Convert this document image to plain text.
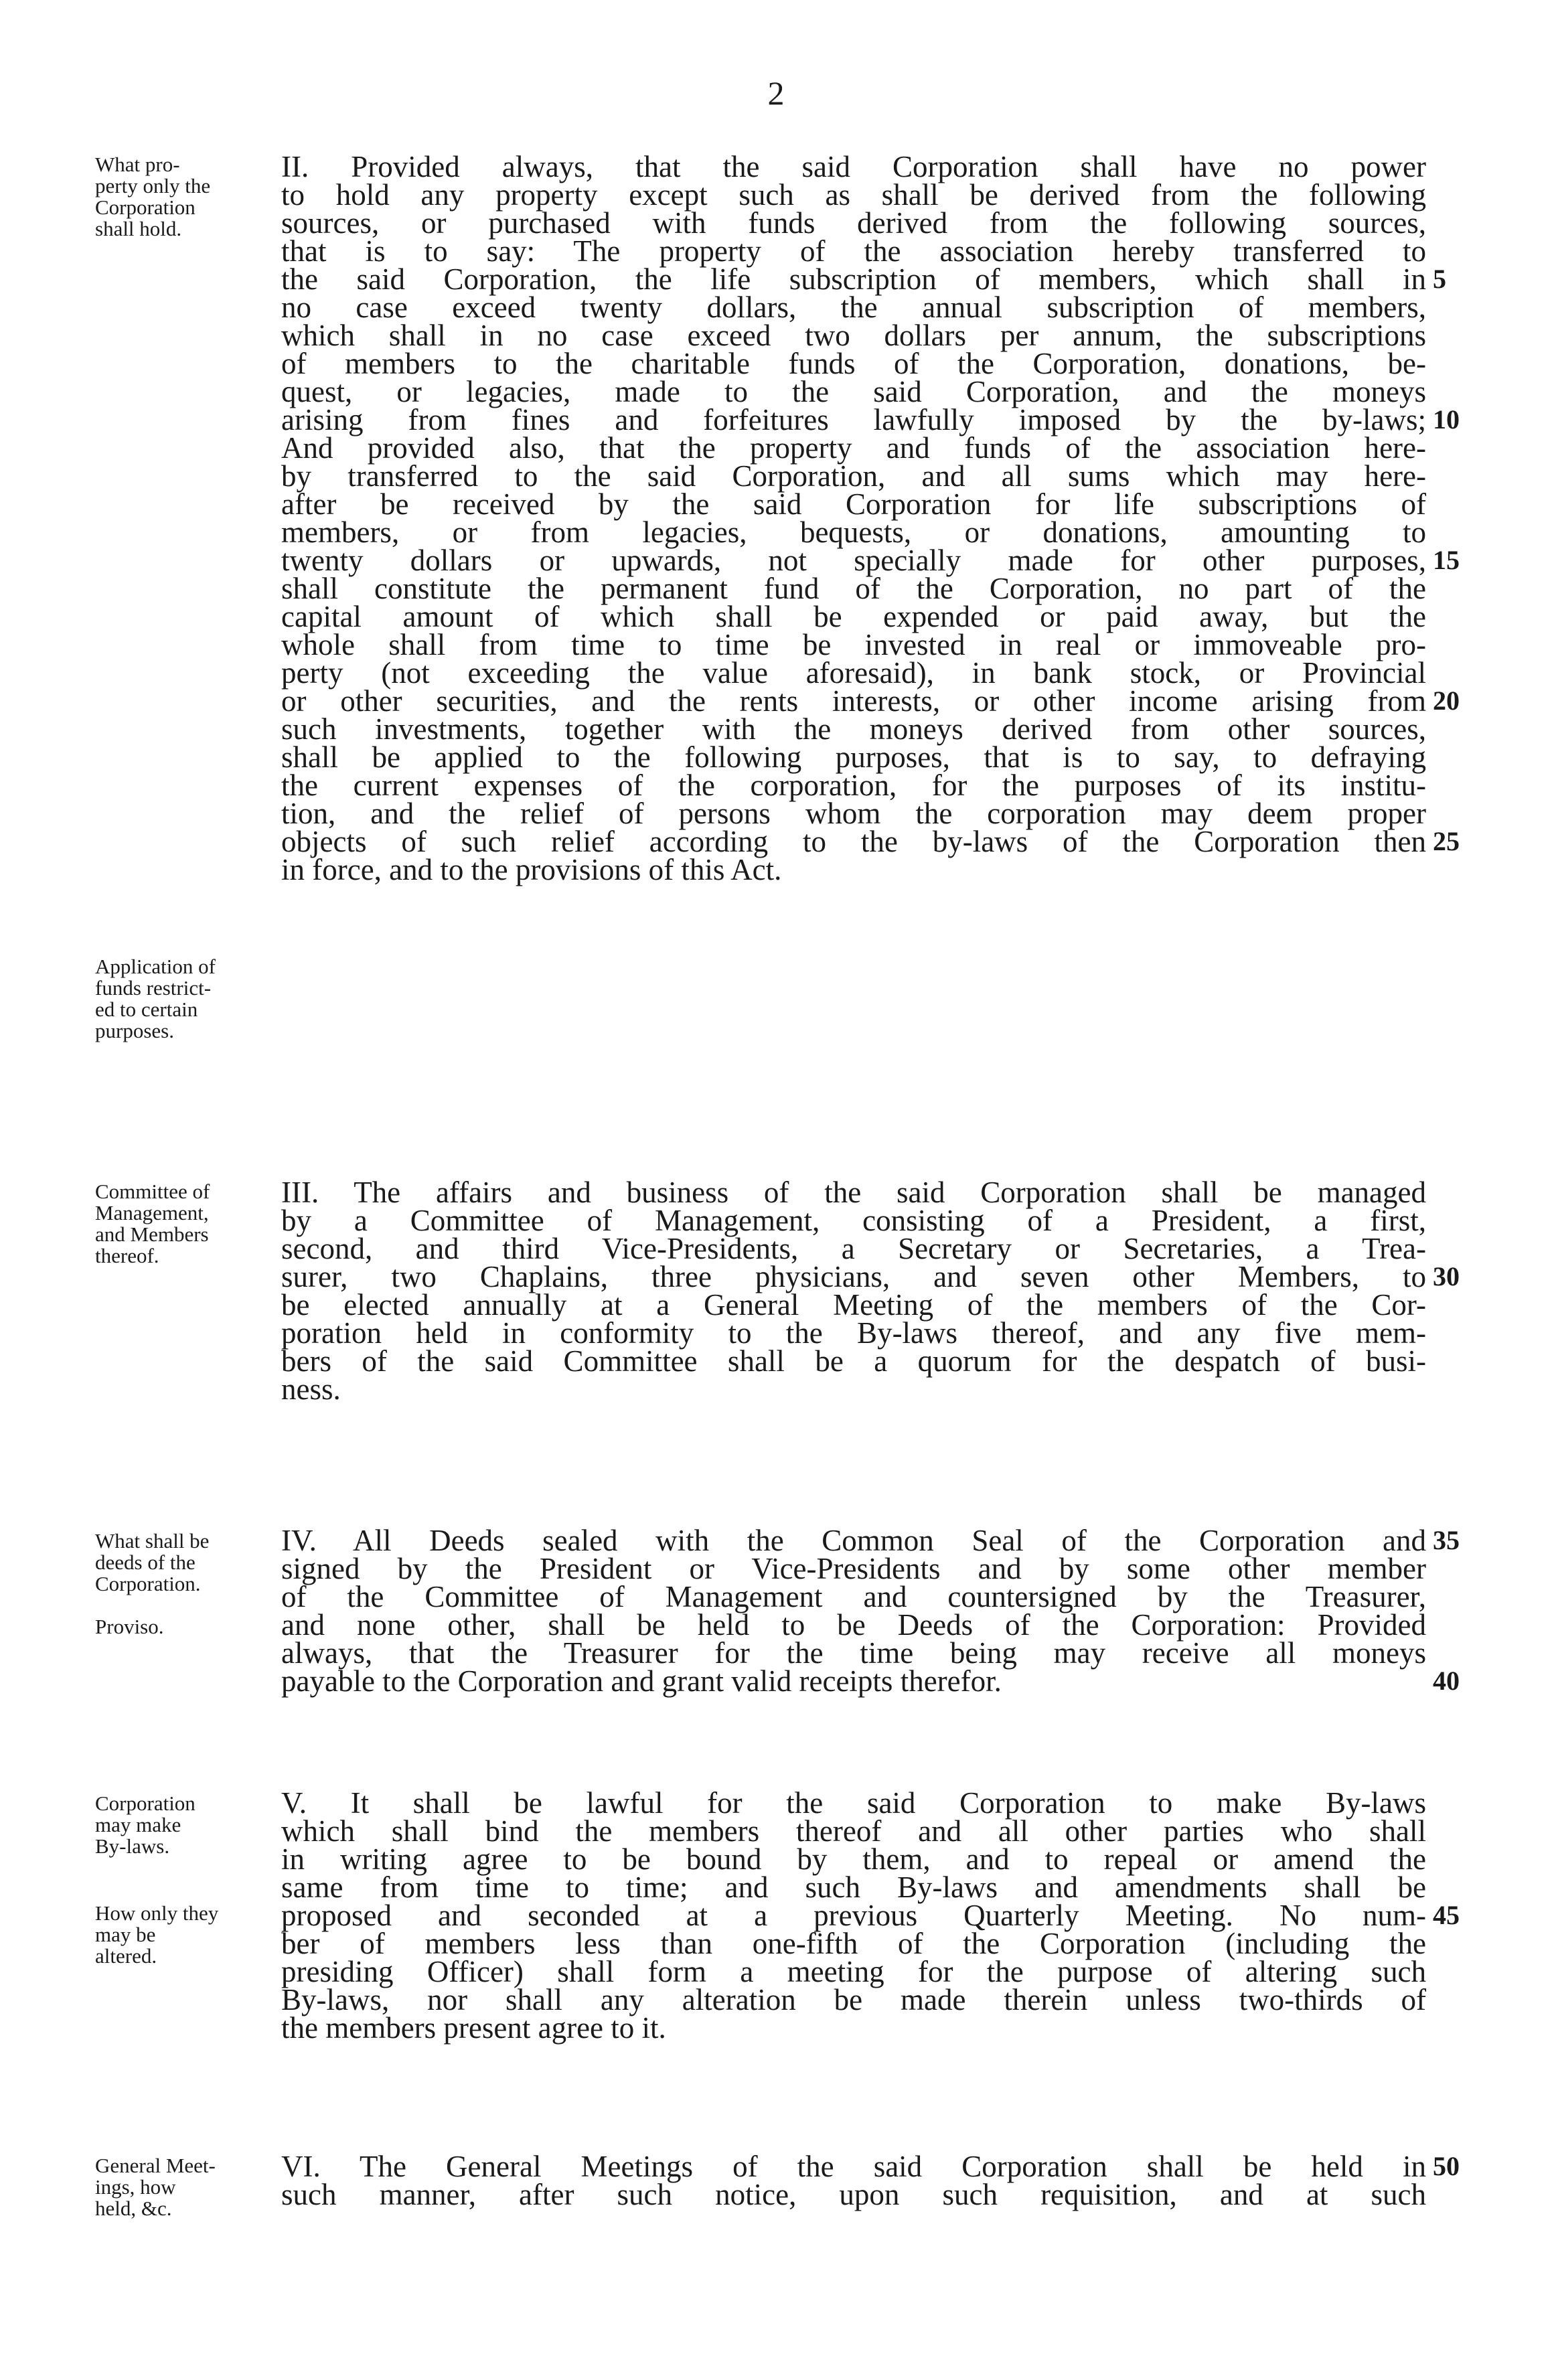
2
What pro-
perty only the
Corporation
shall hold.
Application of
funds restrict-
ed to certain
purposes.
II. Provided always, that the said Corporation shall have no power
to hold any property except such as shall be derived from the following
sources, or purchased with funds derived from the following sources,
that is to say: The property of the association hereby transferred to
the said Corporation, the life subscription of members, which shall in
no case exceed twenty dollars, the annual subscription of members,
which shall in no case exceed two dollars per annum, the subscriptions
of members to the charitable funds of the Corporation, donations, be-
quest, or legacies, made to the said Corporation, and the moneys
arising from fines and forfeitures lawfully imposed by the by-laws;
And provided also, that the property and funds of the association here-
by transferred to the said Corporation, and all sums which may here-
after be received by the said Corporation for life subscriptions of
members, or from legacies, bequests, or donations, amounting to
twenty dollars or upwards, not specially made for other purposes,
shall constitute the permanent fund of the Corporation, no part of the
capital amount of which shall be expended or paid away, but the
whole shall from time to time be invested in real or immoveable pro-
perty (not exceeding the value aforesaid), in bank stock, or Provincial
or other securities, and the rents interests, or other income arising from
such investments, together with the moneys derived from other sources,
shall be applied to the following purposes, that is to say, to defraying
the current expenses of the corporation, for the purposes of its institu-
tion, and the relief of persons whom the corporation may deem proper
objects of such relief according to the by-laws of the Corporation then
in force, and to the provisions of this Act.
5
10
15
20
25
Committee of
Management,
and Members
thereof.
III. The affairs and business of the said Corporation shall be managed
by a Committee of Management, consisting of a President, a first,
second, and third Vice-Presidents, a Secretary or Secretaries, a Trea-
surer, two Chaplains, three physicians, and seven other Members, to
be elected annually at a General Meeting of the members of the Cor-
poration held in conformity to the By-laws thereof, and any five mem-
bers of the said Committee shall be a quorum for the despatch of busi-
ness.
30
What shall be
deeds of the
Corporation.
Proviso.
IV. All Deeds sealed with the Common Seal of the Corporation and
signed by the President or Vice-Presidents and by some other member
of the Committee of Management and countersigned by the Treasurer,
and none other, shall be held to be Deeds of the Corporation: Provided
always, that the Treasurer for the time being may receive all moneys
payable to the Corporation and grant valid receipts therefor.
35
40
Corporation
may make
By-laws.
How only they
may be
altered.
V. It shall be lawful for the said Corporation to make By-laws
which shall bind the members thereof and all other parties who shall
in writing agree to be bound by them, and to repeal or amend the
same from time to time; and such By-laws and amendments shall be
proposed and seconded at a previous Quarterly Meeting. No num-
ber of members less than one-fifth of the Corporation (including the
presiding Officer) shall form a meeting for the purpose of altering such
By-laws, nor shall any alteration be made therein unless two-thirds of
the members present agree to it.
45
General Meet-
ings, how
held, &c.
VI. The General Meetings of the said Corporation shall be held in
such manner, after such notice, upon such requisition, and at such
50
